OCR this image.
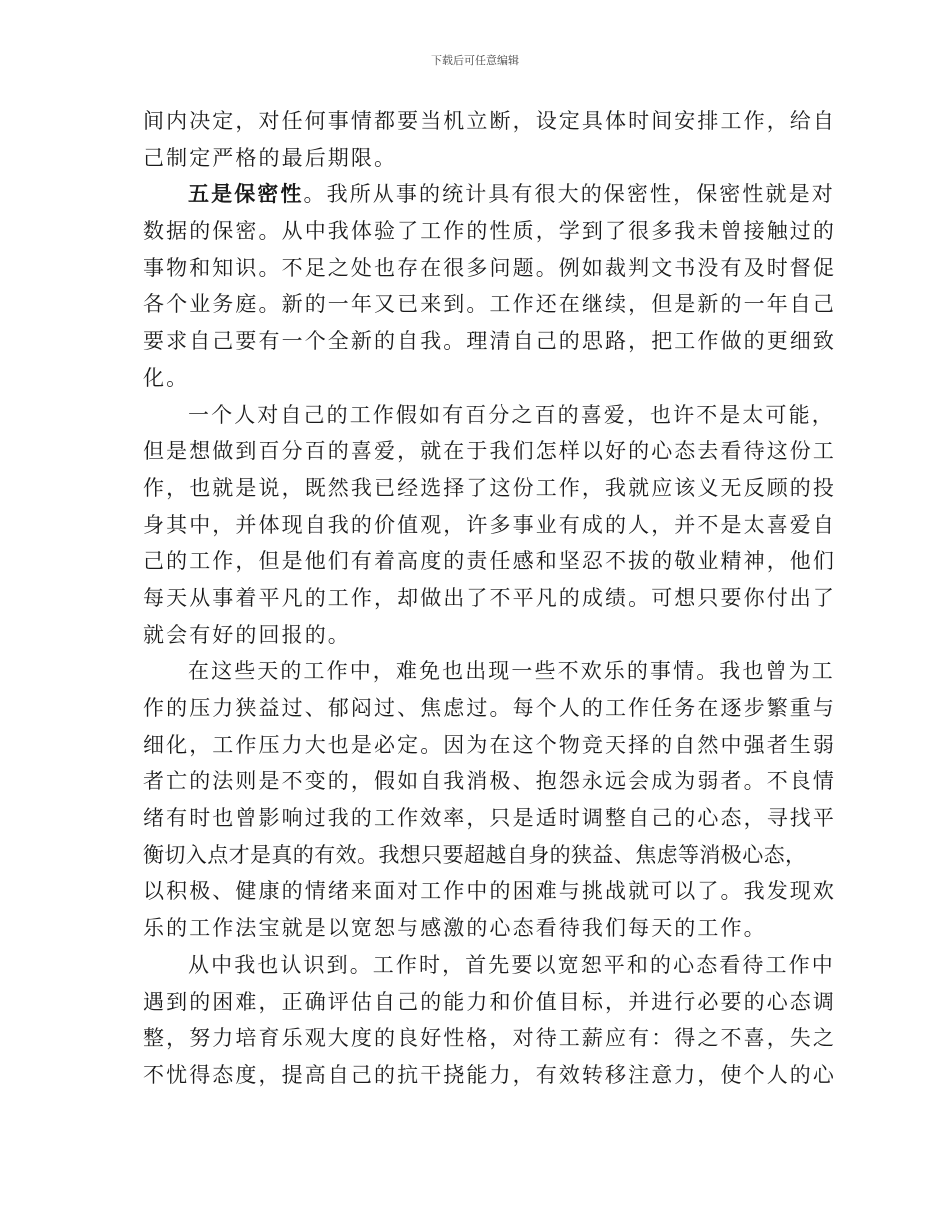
下载后可任意编辑
间内决定，对任何事情都要当机立断，设定具体时间安排工作，给自
己制定严格的最后期限。
五是保密性。我所从事的统计具有很大的保密性，保密性就是对
数据的保密。从中我体验了工作的性质，学到了很多我未曾接触过的
事物和知识。不足之处也存在很多问题。例如裁判文书没有及时督促
各个业务庭。新的一年又已来到。工作还在继续，但是新的一年自己
要求自己要有一个全新的自我。理清自己的思路，把工作做的更细致
化。
一个人对自己的工作假如有百分之百的喜爱，也许不是太可能，
但是想做到百分百的喜爱，就在于我们怎样以好的心态去看待这份工
作，也就是说，既然我已经选择了这份工作，我就应该义无反顾的投
身其中，并体现自我的价值观，许多事业有成的人，并不是太喜爱自
己的工作，但是他们有着高度的责任感和坚忍不拔的敬业精神，他们
每天从事着平凡的工作，却做出了不平凡的成绩。可想只要你付出了
就会有好的回报的。
在这些天的工作中，难免也出现一些不欢乐的事情。我也曾为工
作的压力狭益过、郁闷过、焦虑过。每个人的工作任务在逐步繁重与
细化，工作压力大也是必定。因为在这个物竞天择的自然中强者生弱
者亡的法则是不变的，假如自我消极、抱怨永远会成为弱者。不良情
绪有时也曾影响过我的工作效率，只是适时调整自己的心态，寻找平
衡切入点才是真的有效。我想只要超越自身的狭益、焦虑等消极心态，
以积极、健康的情绪来面对工作中的困难与挑战就可以了。我发现欢
乐的工作法宝就是以宽恕与感激的心态看待我们每天的工作。
从中我也认识到。工作时，首先要以宽恕平和的心态看待工作中
遇到的困难，正确评估自己的能力和价值目标，并进行必要的心态调
整，努力培育乐观大度的良好性格，对待工薪应有：得之不喜，失之
不忧得态度，提高自己的抗干挠能力，有效转移注意力，使个人的心
